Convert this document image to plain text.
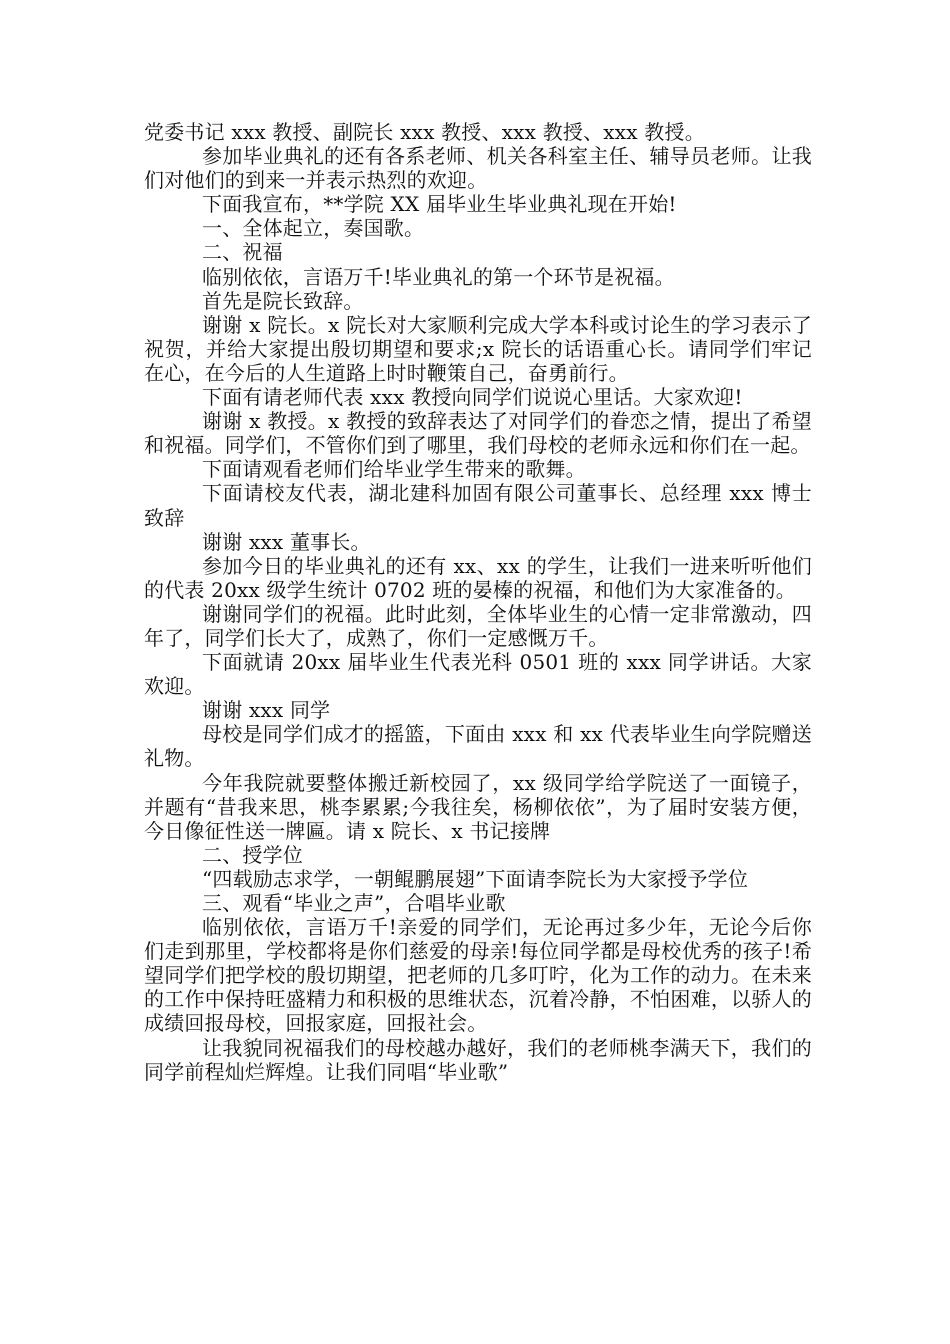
党委书记 xxx 教授、副院长 xxx 教授、xxx 教授、xxx 教授。

参加毕业典礼的还有各系老师、机关各科室主任、辅导员老师。让我们对他们的到来一并表示热烈的欢迎。

下面我宣布，**学院 XX 届毕业生毕业典礼现在开始!

一、全体起立，奏国歌。

二、祝福

临别依依，言语万千!毕业典礼的第一个环节是祝福。

首先是院长致辞。

谢谢 x 院长。x 院长对大家顺利完成大学本科或讨论生的学习表示了祝贺，并给大家提出殷切期望和要求;x 院长的话语重心长。请同学们牢记在心，在今后的人生道路上时时鞭策自己，奋勇前行。

下面有请老师代表 xxx 教授向同学们说说心里话。大家欢迎!

谢谢 x 教授。x 教授的致辞表达了对同学们的眷恋之情，提出了希望和祝福。同学们，不管你们到了哪里，我们母校的老师永远和你们在一起。

下面请观看老师们给毕业学生带来的歌舞。

下面请校友代表，湖北建科加固有限公司董事长、总经理 xxx 博士致辞

谢谢 xxx 董事长。

参加今日的毕业典礼的还有 xx、xx 的学生，让我们一进来听听他们的代表 20xx 级学生统计 0702 班的晏榛的祝福，和他们为大家准备的。

谢谢同学们的祝福。此时此刻，全体毕业生的心情一定非常激动，四年了，同学们长大了，成熟了，你们一定感慨万千。

下面就请 20xx 届毕业生代表光科 0501 班的 xxx 同学讲话。大家欢迎。

谢谢 xxx 同学

母校是同学们成才的摇篮，下面由 xxx 和 xx 代表毕业生向学院赠送礼物。

今年我院就要整体搬迁新校园了，xx 级同学给学院送了一面镜子，并题有“昔我来思，桃李累累;今我往矣，杨柳依依”，为了届时安装方便，今日像征性送一牌匾。请 x 院长、x 书记接牌

二、授学位

“四载励志求学，一朝鲲鹏展翅”下面请李院长为大家授予学位

三、观看“毕业之声”，合唱毕业歌

临别依依，言语万千!亲爱的同学们，无论再过多少年，无论今后你们走到那里，学校都将是你们慈爱的母亲!每位同学都是母校优秀的孩子!希望同学们把学校的殷切期望，把老师的几多叮咛，化为工作的动力。在未来的工作中保持旺盛精力和积极的思维状态，沉着冷静，不怕困难，以骄人的成绩回报母校，回报家庭，回报社会。

让我貌同祝福我们的母校越办越好，我们的老师桃李满天下，我们的同学前程灿烂辉煌。让我们同唱“毕业歌”
